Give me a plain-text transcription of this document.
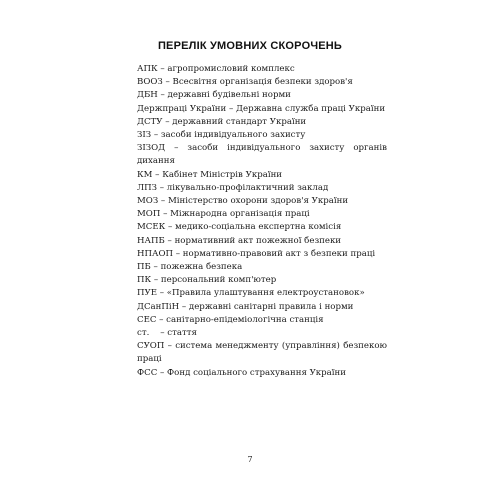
ПЕРЕЛІК УМОВНИХ СКОРОЧЕНЬ
АПК – агропромисловий комплекс
ВООЗ – Всесвітня організація безпеки здоров'я
ДБН – державні будівельні норми
Держпраці України – Державна служба праці України
ДСТУ – державний стандарт України
ЗІЗ – засоби індивідуального захисту
ЗІЗОД – засоби індивідуального захисту органів
дихання
КМ – Кабінет Міністрів України
ЛПЗ – лікувально-профілактичний заклад
МОЗ – Міністерство охорони здоров'я України
МОП – Міжнародна організація праці
МСЕК – медико-соціальна експертна комісія
НАПБ – нормативний акт пожежної безпеки
НПАОП – нормативно-правовий акт з безпеки праці
ПБ – пожежна безпека
ПК – персональний комп'ютер
ПУЕ – «Правила улаштування електроустановок»
ДСанПіН – державні санітарні правила і норми
СЕС – санітарно-епідеміологічна станція
ст.    – стаття
СУОП – система менеджменту (управління) безпекою
праці
ФСС – Фонд соціального страхування України
7
